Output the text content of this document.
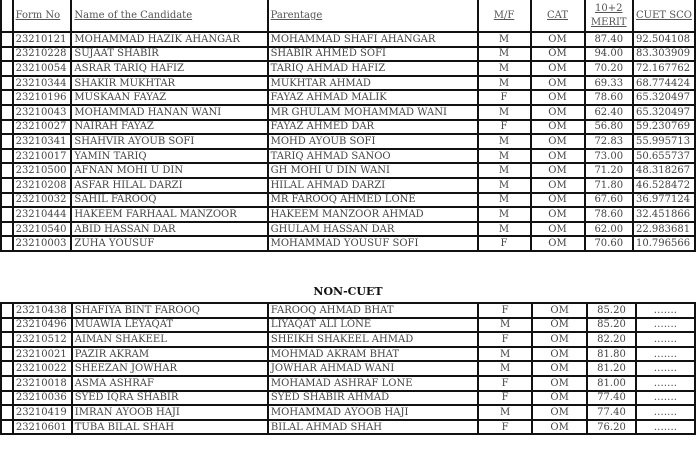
	Form No	Name of the Candidate	Parentage	M/F	CAT	10+2 MERIT	CUET SCO
	23210121	MOHAMMAD HAZIK AHANGAR	MOHAMMAD SHAFI AHANGAR	M	OM	87.40	92.504108
	23210228	SUJAAT SHABIR	SHABIR AHMED SOFI	M	OM	94.00	83.303909
	23210054	ASRAR TARIQ HAFIZ	TARIQ AHMAD HAFIZ	M	OM	70.20	72.167762
	23210344	SHAKIR MUKHTAR	MUKHTAR AHMAD	M	OM	69.33	68.774424
	23210196	MUSKAAN FAYAZ	FAYAZ AHMAD MALIK	F	OM	78.60	65.320497
	23210043	MOHAMMAD HANAN WANI	MR GHULAM MOHAMMAD WANI	M	OM	62.40	65.320497
	23210027	NAIRAH FAYAZ	FAYAZ AHMED DAR	F	OM	56.80	59.230769
	23210341	SHAHVIR AYOUB SOFI	MOHD AYOUB SOFI	M	OM	72.83	55.995713
	23210017	YAMIN TARIQ	TARIQ AHMAD SANOO	M	OM	73.00	50.655737
	23210500	AFNAN MOHI U DIN	GH MOHI U DIN WANI	M	OM	71.20	48.318267
	23210208	ASFAR HILAL DARZI	HILAL AHMAD DARZI	M	OM	71.80	46.528472
	23210032	SAHIL FAROOQ	MR FAROOQ AHMED LONE	M	OM	67.60	36.977124
	23210444	HAKEEM FARHAAL MANZOOR	HAKEEM MANZOOR AHMAD	M	OM	78.60	32.451866
	23210540	ABID HASSAN DAR	GHULAM HASSAN DAR	M	OM	62.00	22.983681
	23210003	ZUHA YOUSUF	MOHAMMAD YOUSUF SOFI	F	OM	70.60	10.796566
NON-CUET
	23210438	SHAFIYA BINT FAROOQ	FAROOQ AHMAD BHAT	F	OM	85.20	…….
	23210496	MUAWIA LEYAQAT	LIYAQAT ALI LONE	M	OM	85.20	…….
	23210512	AIMAN SHAKEEL	SHEIKH SHAKEEL AHMAD	F	OM	82.20	…….
	23210021	PAZIR AKRAM	MOHMAD AKRAM BHAT	M	OM	81.80	…….
	23210022	SHEEZAN JOWHAR	JOWHAR AHMAD WANI	M	OM	81.20	…….
	23210018	ASMA ASHRAF	MOHAMAD ASHRAF LONE	F	OM	81.00	…….
	23210036	SYED IQRA SHABIR	SYED SHABIR AHMAD	F	OM	77.40	…….
	23210419	IMRAN AYOOB HAJI	MOHAMMAD AYOOB HAJI	M	OM	77.40	…….
	23210601	TUBA BILAL SHAH	BILAL AHMAD SHAH	F	OM	76.20	…….
